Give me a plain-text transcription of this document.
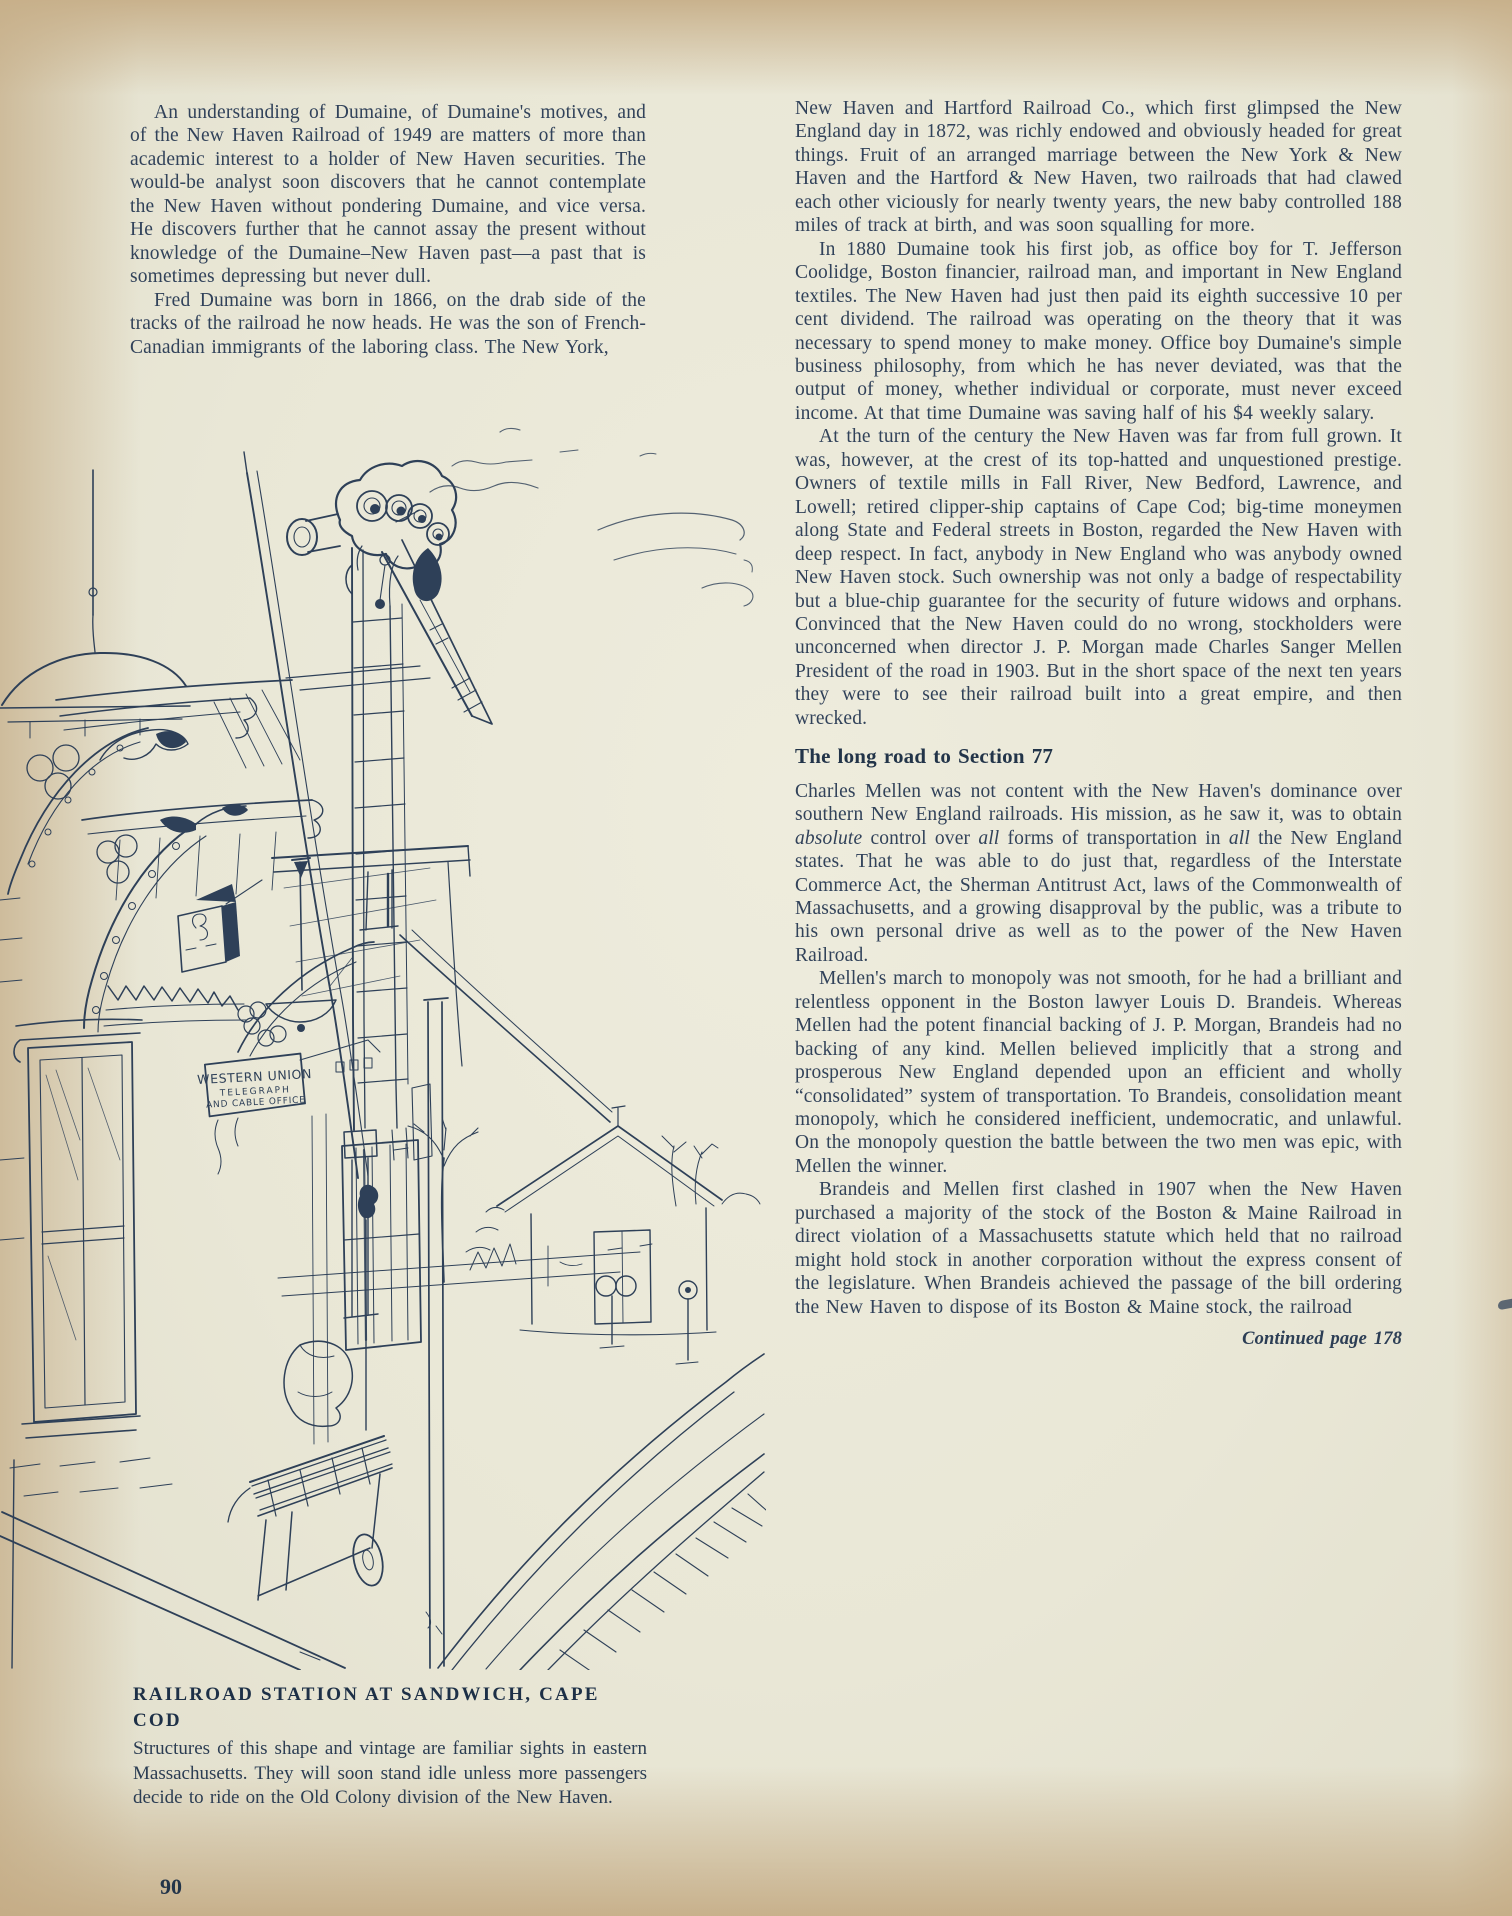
An understanding of Dumaine, of Dumaine's motives, and of the New Haven Railroad of 1949 are matters of more than academic interest to a holder of New Haven securities. The would-be analyst soon discovers that he cannot contemplate the New Haven without pondering Dumaine, and vice versa. He discovers further that he cannot assay the present without knowledge of the Dumaine–New Haven past—a past that is sometimes depressing but never dull.

Fred Dumaine was born in 1866, on the drab side of the tracks of the railroad he now heads. He was the son of French-Canadian immigrants of the laboring class. The New York,

WESTERN UNION
TELEGRAPH
AND CABLE OFFICE
RAILROAD STATION AT SANDWICH, CAPE COD

Structures of this shape and vintage are familiar sights in eastern Massachusetts. They will soon stand idle unless more passengers decide to ride on the Old Colony division of the New Haven.

New Haven and Hartford Railroad Co., which first glimpsed the New England day in 1872, was richly endowed and obviously headed for great things. Fruit of an arranged marriage between the New York & New Haven and the Hartford & New Haven, two railroads that had clawed each other viciously for nearly twenty years, the new baby controlled 188 miles of track at birth, and was soon squalling for more.

In 1880 Dumaine took his first job, as office boy for T. Jefferson Coolidge, Boston financier, railroad man, and important in New England textiles. The New Haven had just then paid its eighth successive 10 per cent dividend. The railroad was operating on the theory that it was necessary to spend money to make money. Office boy Dumaine's simple business philosophy, from which he has never deviated, was that the output of money, whether individual or corporate, must never exceed income. At that time Dumaine was saving half of his $4 weekly salary.

At the turn of the century the New Haven was far from full grown. It was, however, at the crest of its top-hatted and unquestioned prestige. Owners of textile mills in Fall River, New Bedford, Lawrence, and Lowell; retired clipper-ship captains of Cape Cod; big-time moneymen along State and Federal streets in Boston, regarded the New Haven with deep respect. In fact, anybody in New England who was anybody owned New Haven stock. Such ownership was not only a badge of respectability but a blue-chip guarantee for the security of future widows and orphans. Convinced that the New Haven could do no wrong, stockholders were unconcerned when director J. P. Morgan made Charles Sanger Mellen President of the road in 1903. But in the short space of the next ten years they were to see their railroad built into a great empire, and then wrecked.

The long road to Section 77

Charles Mellen was not content with the New Haven's dominance over southern New England railroads. His mission, as he saw it, was to obtain absolute control over all forms of transportation in all the New England states. That he was able to do just that, regardless of the Interstate Commerce Act, the Sherman Antitrust Act, laws of the Commonwealth of Massachusetts, and a growing disapproval by the public, was a tribute to his own personal drive as well as to the power of the New Haven Railroad.

Mellen's march to monopoly was not smooth, for he had a brilliant and relentless opponent in the Boston lawyer Louis D. Brandeis. Whereas Mellen had the potent financial backing of J. P. Morgan, Brandeis had no backing of any kind. Mellen believed implicitly that a strong and prosperous New England depended upon an efficient and wholly “consolidated” system of transportation. To Brandeis, consolidation meant monopoly, which he considered inefficient, undemocratic, and unlawful. On the monopoly question the battle between the two men was epic, with Mellen the winner.

Brandeis and Mellen first clashed in 1907 when the New Haven purchased a majority of the stock of the Boston & Maine Railroad in direct violation of a Massachusetts statute which held that no railroad might hold stock in another corporation without the express consent of the legislature. When Brandeis achieved the passage of the bill ordering the New Haven to dispose of its Boston & Maine stock, the railroad

Continued page 178

90
